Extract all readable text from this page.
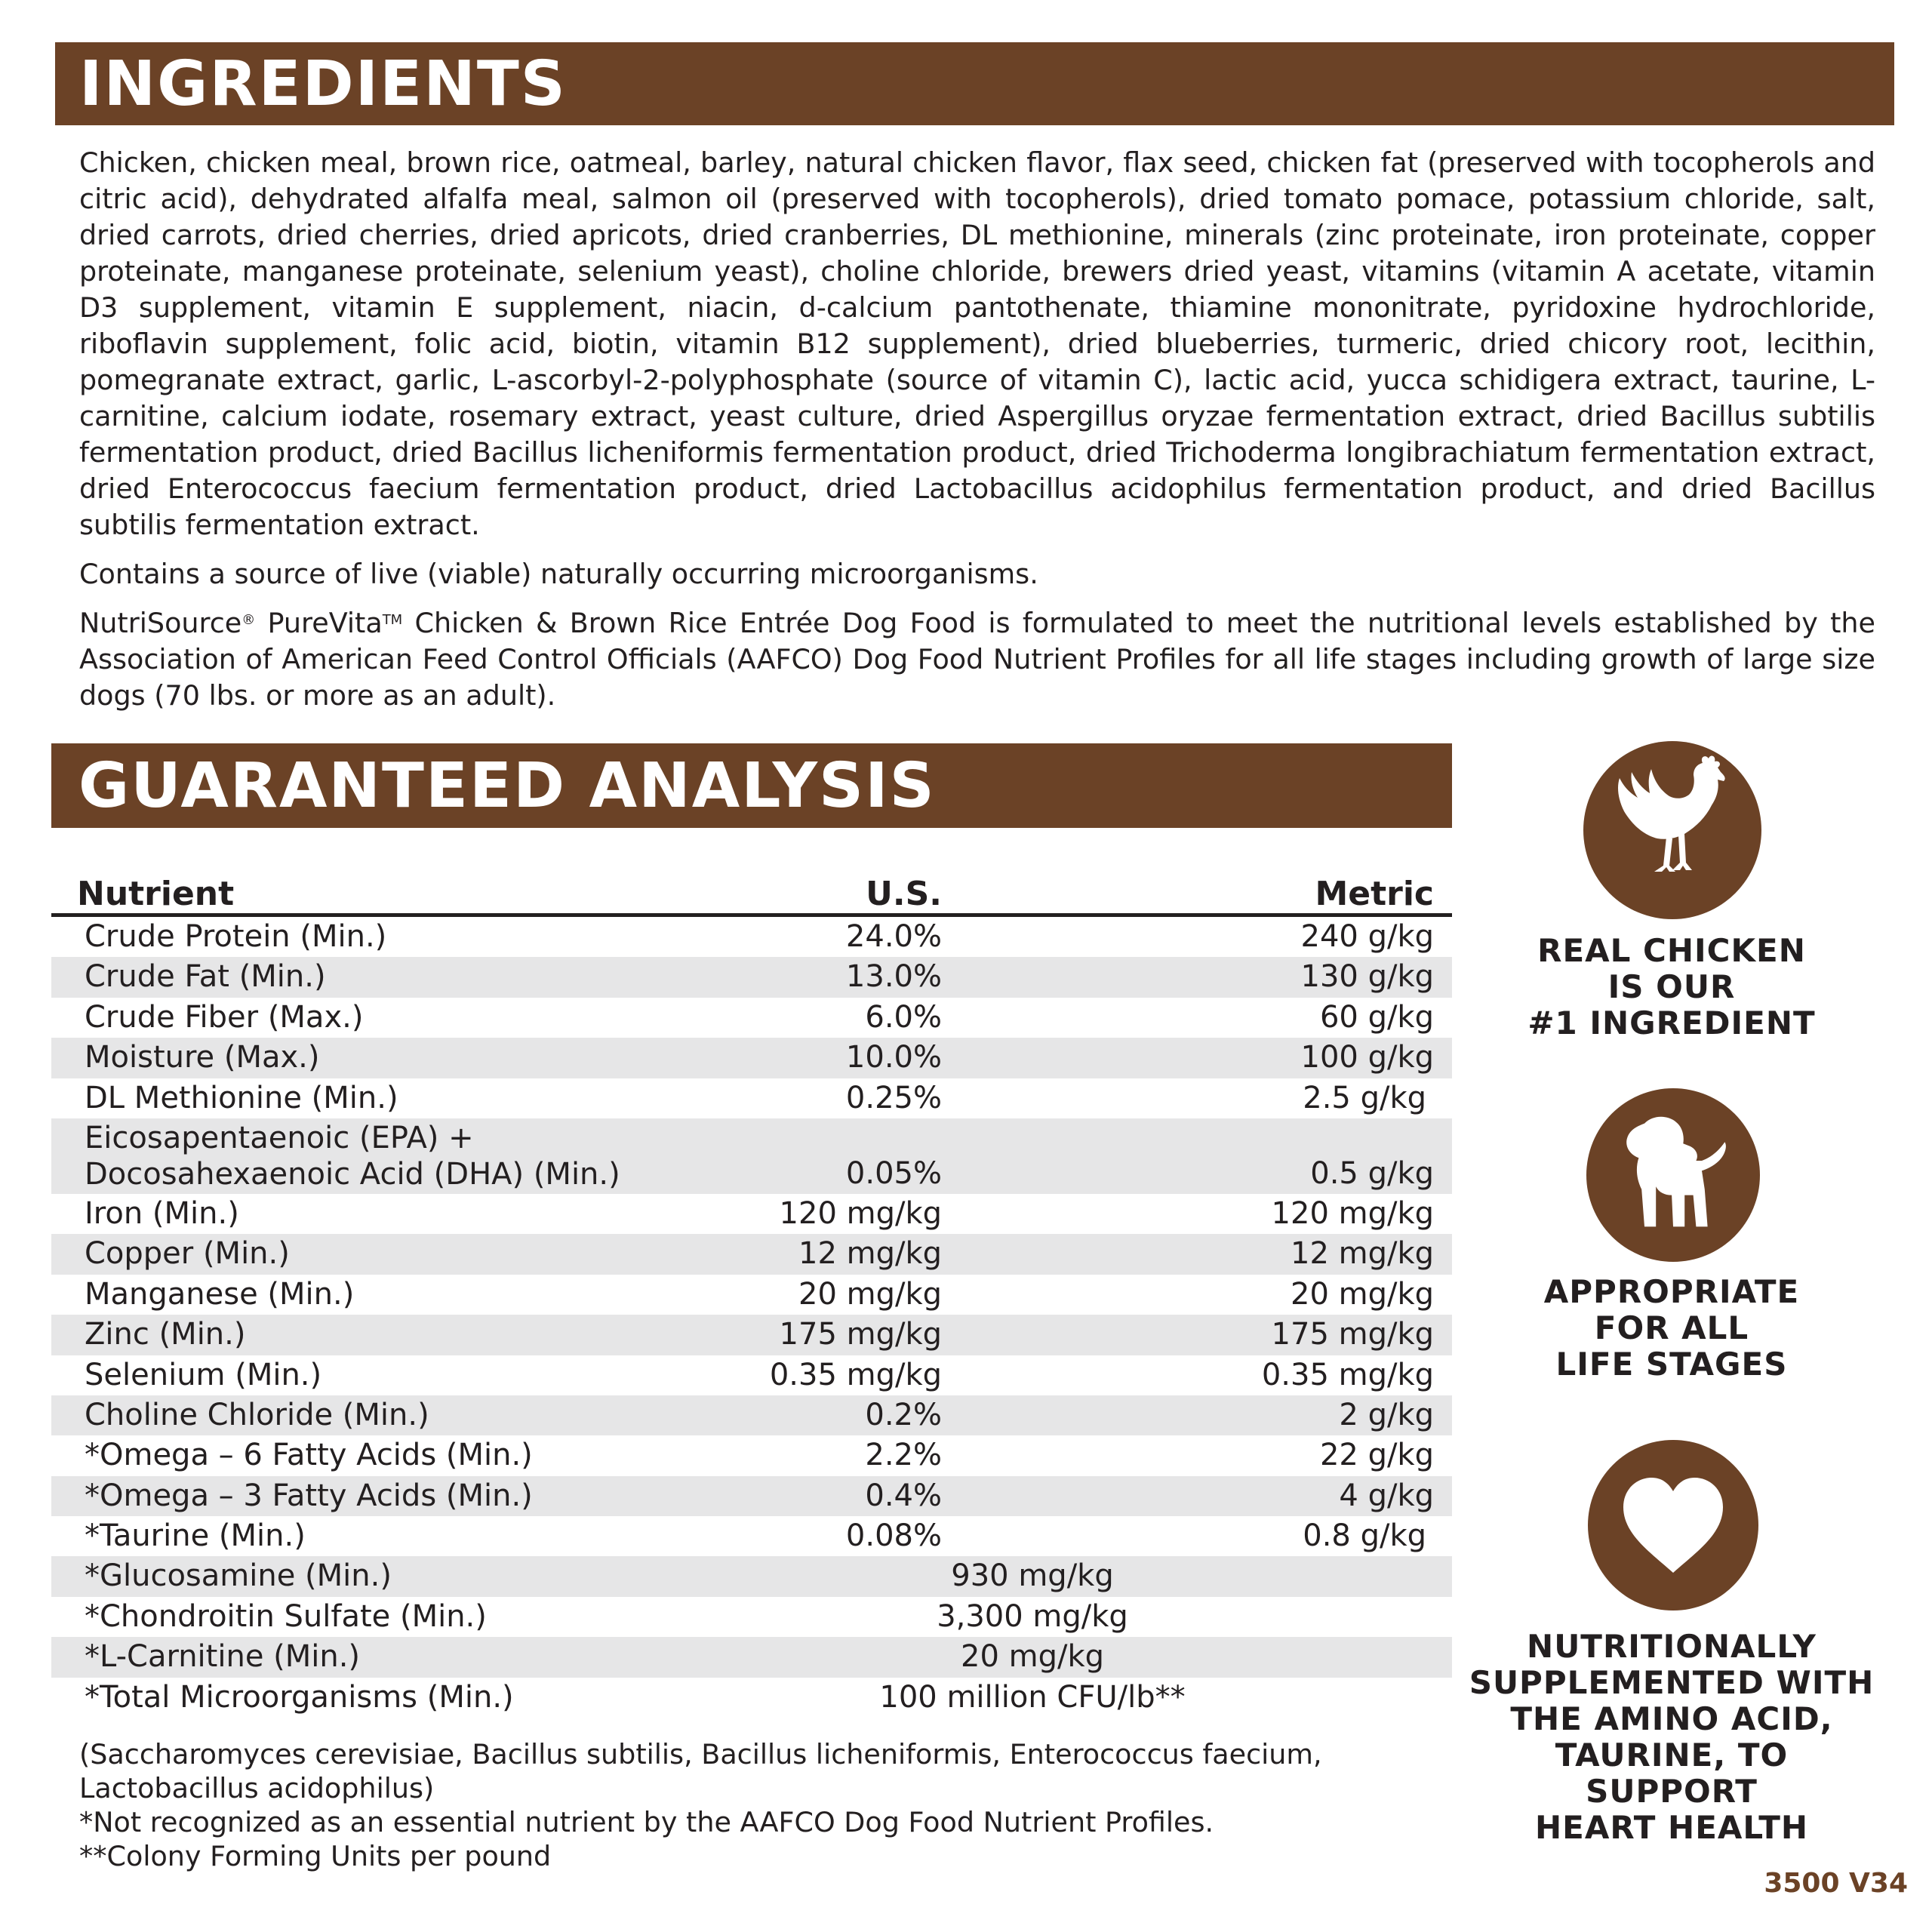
INGREDIENTS

Chicken, chicken meal, brown rice, oatmeal, barley, natural chicken flavor, flax seed, chicken fat (preserved with tocopherols and citric acid), dehydrated alfalfa meal, salmon oil (preserved with tocopherols), dried tomato pomace, potassium chloride, salt, dried carrots, dried cherries, dried apricots, dried cranberries, DL methionine, minerals (zinc proteinate, iron proteinate, copper proteinate, manganese proteinate, selenium yeast), choline chloride, brewers dried yeast, vitamins (vitamin A acetate, vitamin D3 supplement, vitamin E supplement, niacin, d-calcium pantothenate, thiamine mononitrate, pyridoxine hydrochloride, riboflavin supplement, folic acid, biotin, vitamin B12 supplement), dried blueberries, turmeric, dried chicory root, lecithin, pomegranate extract, garlic, L-ascorbyl-2-polyphosphate (source of vitamin C), lactic acid, yucca schidigera extract, taurine, L-carnitine, calcium iodate, rosemary extract, yeast culture, dried Aspergillus oryzae fermentation extract, dried Bacillus subtilis fermentation product, dried Bacillus licheniformis fermentation product, dried Trichoderma longibrachiatum fermentation extract, dried Enterococcus faecium fermentation product, dried Lactobacillus acidophilus fermentation product, and dried Bacillus subtilis fermentation extract.

Contains a source of live (viable) naturally occurring microorganisms.

NutriSource® PureVita™ Chicken & Brown Rice Entrée Dog Food is formulated to meet the nutritional levels established by the Association of American Feed Control Officials (AAFCO) Dog Food Nutrient Profiles for all life stages including growth of large size dogs (70 lbs. or more as an adult).

GUARANTEED ANALYSIS
Nutrient	U.S.	Metric
Crude Protein (Min.)	24.0%	240 g/kg
Crude Fat (Min.)	13.0%	130 g/kg
Crude Fiber (Max.)	6.0%	60 g/kg
Moisture (Max.)	10.0%	100 g/kg
DL Methionine (Min.)	0.25%	2.5 g/kg
Eicosapentaenoic (EPA) +
Docosahexaenoic Acid (DHA) (Min.)	0.05%	0.5 g/kg
Iron (Min.)	120 mg/kg	120 mg/kg
Copper (Min.)	12 mg/kg	12 mg/kg
Manganese (Min.)	20 mg/kg	20 mg/kg
Zinc (Min.)	175 mg/kg	175 mg/kg
Selenium (Min.)	0.35 mg/kg	0.35 mg/kg
Choline Chloride (Min.)	0.2%	2 g/kg
*Omega – 6 Fatty Acids (Min.)	2.2%	22 g/kg
*Omega – 3 Fatty Acids (Min.)	0.4%	4 g/kg
*Taurine (Min.)	0.08%	0.8 g/kg
*Glucosamine (Min.)	930 mg/kg
*Chondroitin Sulfate (Min.)	3,300 mg/kg
*L-Carnitine (Min.)	20 mg/kg
*Total Microorganisms (Min.)	100 million CFU/lb**
(Saccharomyces cerevisiae, Bacillus subtilis, Bacillus licheniformis, Enterococcus faecium,
Lactobacillus acidophilus)
*Not recognized as an essential nutrient by the AAFCO Dog Food Nutrient Profiles.
**Colony Forming Units per pound
REAL CHICKEN
IS OUR
#1 INGREDIENT
APPROPRIATE
FOR ALL
LIFE STAGES
NUTRITIONALLY
SUPPLEMENTED WITH
THE AMINO ACID,
TAURINE, TO SUPPORT
HEART HEALTH
3500 V34
